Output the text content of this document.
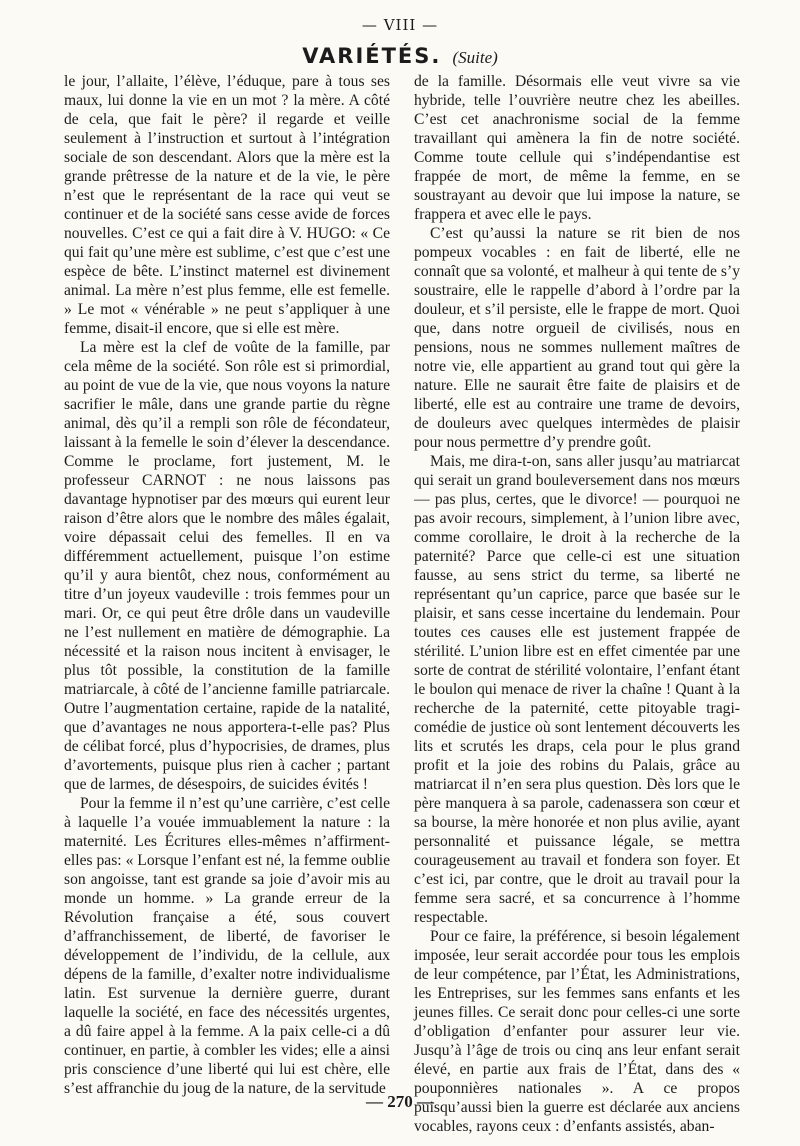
— VIII —
VARIÉTÉS. (Suite)

le jour, l’allaite, l’élève, l’éduque, pare à tous ses maux, lui donne la vie en un mot ? la mère. A côté de cela, que fait le père? il regarde et veille seulement à l’instruction et surtout à l’intégration sociale de son descendant. Alors que la mère est la grande prêtresse de la nature et de la vie, le père n’est que le représentant de la race qui veut se continuer et de la société sans cesse avide de forces nouvelles. C’est ce qui a fait dire à V. HUGO: « Ce qui fait qu’une mère est sublime, c’est que c’est une espèce de bête. L’instinct maternel est divinement animal. La mère n’est plus femme, elle est femelle. » Le mot « vénérable » ne peut s’appliquer à une femme, disait-il encore, que si elle est mère.

La mère est la clef de voûte de la famille, par cela même de la société. Son rôle est si primordial, au point de vue de la vie, que nous voyons la nature sacrifier le mâle, dans une grande partie du règne animal, dès qu’il a rempli son rôle de fécondateur, laissant à la femelle le soin d’élever la descendance. Comme le proclame, fort justement, M. le professeur CARNOT : ne nous laissons pas davantage hypnotiser par des mœurs qui eurent leur raison d’être alors que le nombre des mâles égalait, voire dépassait celui des femelles. Il en va différemment actuellement, puisque l’on estime qu’il y aura bientôt, chez nous, conformément au titre d’un joyeux vaudeville : trois femmes pour un mari. Or, ce qui peut être drôle dans un vaudeville ne l’est nullement en matière de démographie. La nécessité et la raison nous incitent à envisager, le plus tôt possible, la constitution de la famille matriarcale, à côté de l’ancienne famille patriarcale. Outre l’augmentation certaine, rapide de la natalité, que d’avantages ne nous apportera-t-elle pas? Plus de célibat forcé, plus d’hypocrisies, de drames, plus d’avortements, puisque plus rien à cacher ; partant que de larmes, de désespoirs, de suicides évités !

Pour la femme il n’est qu’une carrière, c’est celle à laquelle l’a vouée immuablement la nature : la maternité. Les Écritures elles-mêmes n’affirment-elles pas: « Lorsque l’enfant est né, la femme oublie son angoisse, tant est grande sa joie d’avoir mis au monde un homme. » La grande erreur de la Révolution française a été, sous couvert d’affranchissement, de liberté, de favoriser le développement de l’individu, de la cellule, aux dépens de la famille, d’exalter notre individualisme latin. Est survenue la dernière guerre, durant laquelle la société, en face des nécessités urgentes, a dû faire appel à la femme. A la paix celle-ci a dû continuer, en partie, à combler les vides; elle a ainsi pris conscience d’une liberté qui lui est chère, elle s’est affranchie du joug de la nature, de la servitude

de la famille. Désormais elle veut vivre sa vie hybride, telle l’ouvrière neutre chez les abeilles. C’est cet anachronisme social de la femme travaillant qui amènera la fin de notre société. Comme toute cellule qui s’indépendantise est frappée de mort, de même la femme, en se soustrayant au devoir que lui impose la nature, se frappera et avec elle le pays.

C’est qu’aussi la nature se rit bien de nos pompeux vocables : en fait de liberté, elle ne connaît que sa volonté, et malheur à qui tente de s’y soustraire, elle le rappelle d’abord à l’ordre par la douleur, et s’il persiste, elle le frappe de mort. Quoi que, dans notre orgueil de civilisés, nous en pensions, nous ne sommes nullement maîtres de notre vie, elle appartient au grand tout qui gère la nature. Elle ne saurait être faite de plaisirs et de liberté, elle est au contraire une trame de devoirs, de douleurs avec quelques intermèdes de plaisir pour nous permettre d’y prendre goût.

Mais, me dira-t-on, sans aller jusqu’au matriarcat qui serait un grand bouleversement dans nos mœurs — pas plus, certes, que le divorce! — pourquoi ne pas avoir recours, simplement, à l’union libre avec, comme corollaire, le droit à la recherche de la paternité? Parce que celle-ci est une situation fausse, au sens strict du terme, sa liberté ne représentant qu’un caprice, parce que basée sur le plaisir, et sans cesse incertaine du lendemain. Pour toutes ces causes elle est justement frappée de stérilité. L’union libre est en effet cimentée par une sorte de contrat de stérilité volontaire, l’enfant étant le boulon qui menace de river la chaîne ! Quant à la recherche de la paternité, cette pitoyable tragi-comédie de justice où sont lentement découverts les lits et scrutés les draps, cela pour le plus grand profit et la joie des robins du Palais, grâce au matriarcat il n’en sera plus question. Dès lors que le père manquera à sa parole, cadenassera son cœur et sa bourse, la mère honorée et non plus avilie, ayant personnalité et puissance légale, se mettra courageusement au travail et fondera son foyer. Et c’est ici, par contre, que le droit au travail pour la femme sera sacré, et sa concurrence à l’homme respectable.

Pour ce faire, la préférence, si besoin légalement imposée, leur serait accordée pour tous les emplois de leur compétence, par l’État, les Administrations, les Entreprises, sur les femmes sans enfants et les jeunes filles. Ce serait donc pour celles-ci une sorte d’obligation d’enfanter pour assurer leur vie. Jusqu’à l’âge de trois ou cinq ans leur enfant serait élevé, en partie aux frais de l’État, dans des « pouponnières nationales ». A ce propos puisqu’aussi bien la guerre est déclarée aux anciens vocables, rayons ceux : d’enfants assistés, aban-

— 270 —
